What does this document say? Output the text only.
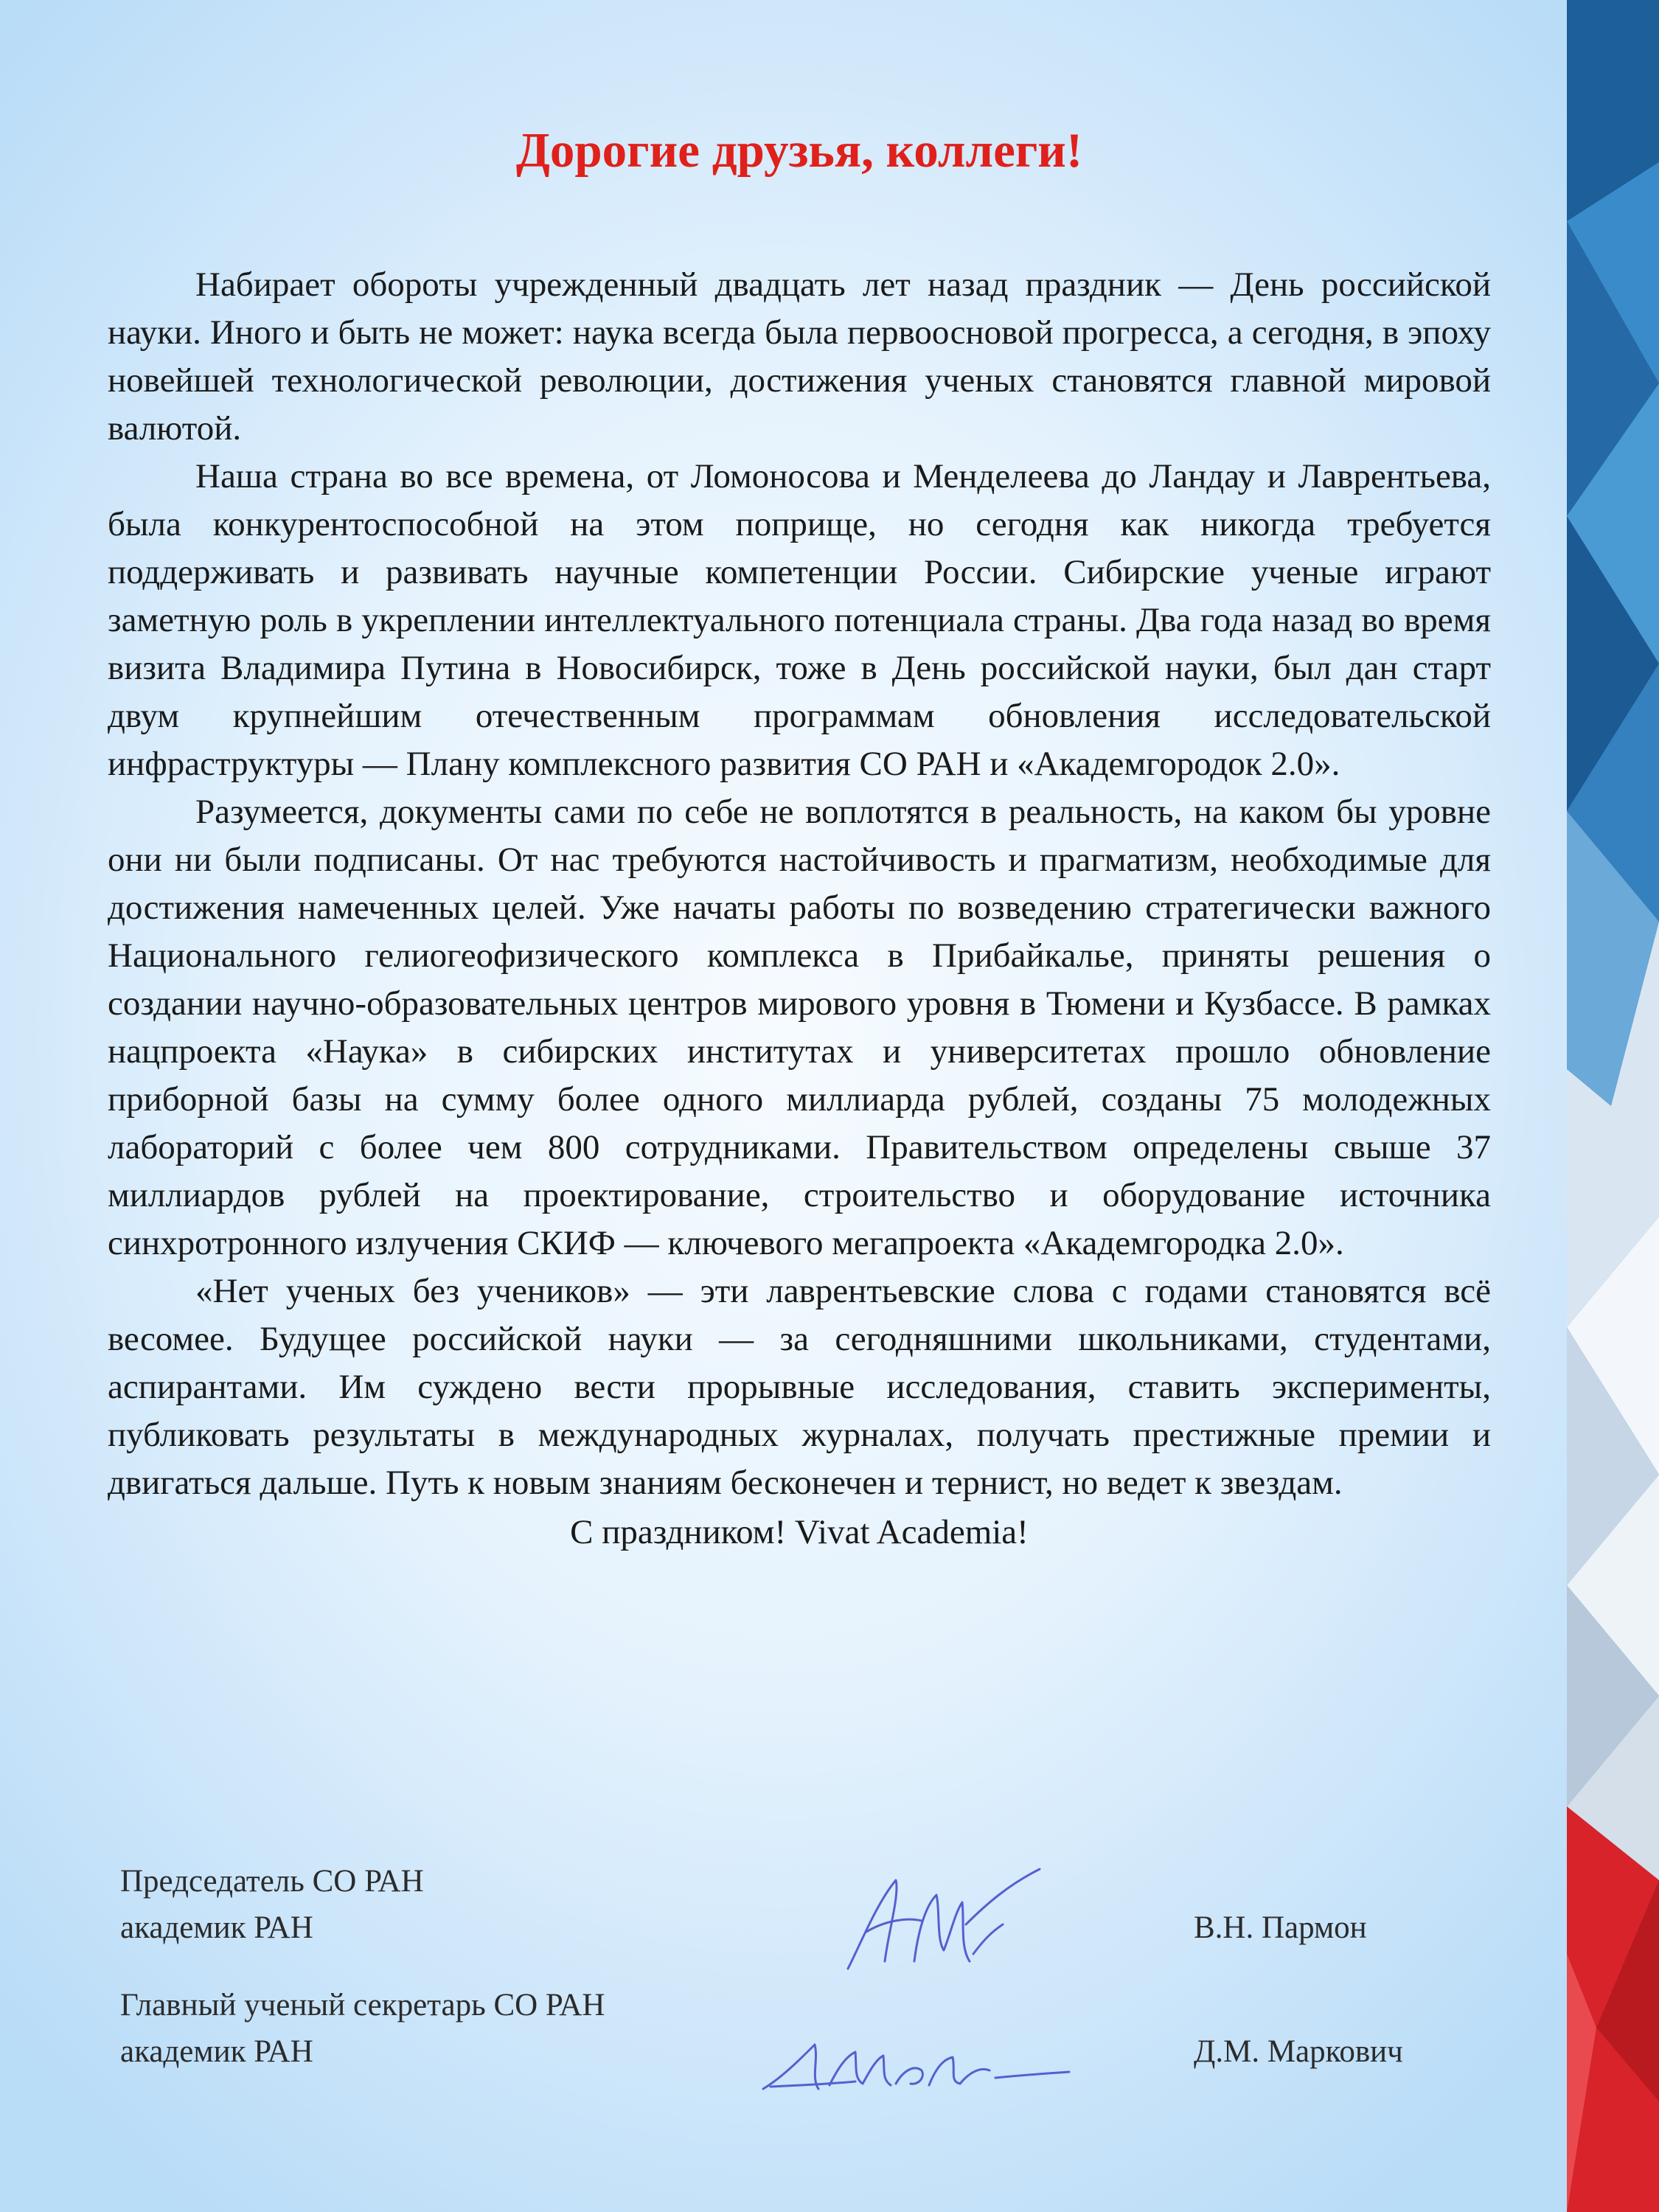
Дорогие друзья, коллеги!

Набирает обороты учрежденный двадцать лет назад праздник — День российской науки. Иного и быть не может: наука всегда была первоосновой прогресса, а сегодня, в эпоху новейшей технологической революции, достижения ученых становятся главной мировой валютой.

Наша страна во все времена, от Ломоносова и Менделеева до Ландау и Лаврентьева, была конкурентоспособной на этом поприще, но сегодня как никогда требуется поддерживать и развивать научные компетенции России. Сибирские ученые играют заметную роль в укреплении интеллектуального потенциала страны. Два года назад во время визита Владимира Путина в Новосибирск, тоже в День российской науки, был дан старт двум крупнейшим отечественным программам обновления исследовательской инфраструктуры — Плану комплексного развития СО РАН и «Академгородок 2.0».

Разумеется, документы сами по себе не воплотятся в реальность, на каком бы уровне они ни были подписаны. От нас требуются настойчивость и прагматизм, необходимые для достижения намеченных целей. Уже начаты работы по возведению стратегически важного Национального гелиогеофизического комплекса в Прибайкалье, приняты решения о создании научно-образовательных центров мирового уровня в Тюмени и Кузбассе. В рамках нацпроекта «Наука» в сибирских институтах и университетах прошло обновление приборной базы на сумму более одного миллиарда рублей, созданы 75 молодежных лабораторий с более чем 800 сотрудниками. Правительством определены свыше 37 миллиардов рублей на проектирование, строительство и оборудование источника синхротронного излучения СКИФ — ключевого мегапроекта «Академгородка 2.0».

«Нет ученых без учеников» — эти лаврентьевские слова с годами становятся всё весомее. Будущее российской науки — за сегодняшними школьниками, студентами, аспирантами. Им суждено вести прорывные исследования, ставить эксперименты, публиковать результаты в международных журналах, получать престижные премии и двигаться дальше. Путь к новым знаниям бесконечен и тернист, но ведет к звездам.

С праздником! Vivat Academia!

Председатель СО РАН
академик РАН	В.Н. Пармон
Главный ученый секретарь СО РАН
академик РАН	Д.М. Маркович
